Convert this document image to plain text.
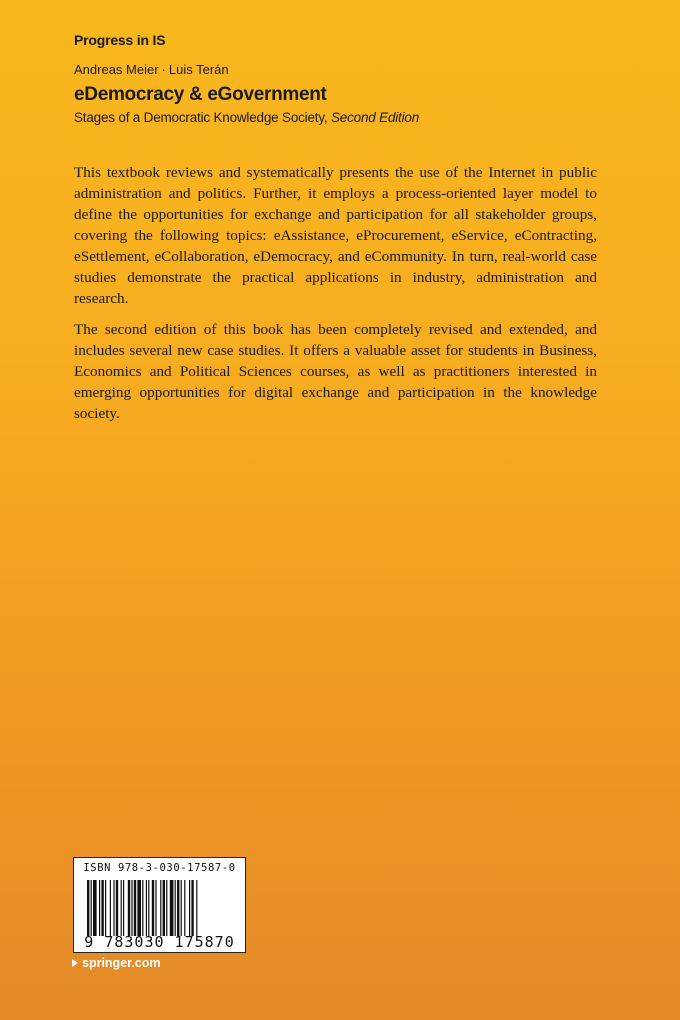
Progress in IS
Andreas Meier · Luis Terán
eDemocracy & eGovernment
Stages of a Democratic Knowledge Society, Second Edition

This textbook reviews and systematically presents the use of the Internet in public administration and politics. Further, it employs a process-oriented layer model to define the opportunities for exchange and participation for all stakeholder groups, covering the following topics: eAssistance, eProcurement, eService, eContracting, eSettlement, eCollaboration, eDemocracy, and eCommunity. In turn, real-world case studies demonstrate the practical applications in industry, administration and research.

The second edition of this book has been completely revised and extended, and includes several new case studies. It offers a valuable asset for students in Business, Economics and Political Sciences courses, as well as practitioners interested in emerging opportunities for digital exchange and participation in the knowledge society.

ISBN 978-3-030-17587-0
9 783030 175870
springer.com
